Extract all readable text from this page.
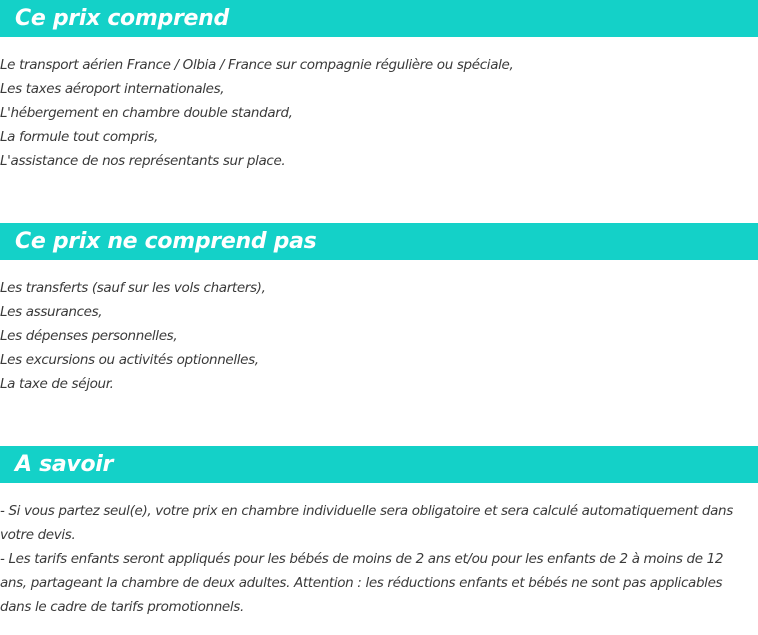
Ce prix comprend
Le transport aérien France / Olbia / France sur compagnie régulière ou spéciale,
Les taxes aéroport internationales,
L'hébergement en chambre double standard,
La formule tout compris,
L'assistance de nos représentants sur place.
Ce prix ne comprend pas
Les transferts (sauf sur les vols charters),
Les assurances,
Les dépenses personnelles,
Les excursions ou activités optionnelles,
La taxe de séjour.
A savoir
- Si vous partez seul(e), votre prix en chambre individuelle sera obligatoire et sera calculé automatiquement dans votre devis.
- Les tarifs enfants seront appliqués pour les bébés de moins de 2 ans et/ou pour les enfants de 2 à moins de 12 ans, partageant la chambre de deux adultes. Attention : les réductions enfants et bébés ne sont pas applicables dans le cadre de tarifs promotionnels.
